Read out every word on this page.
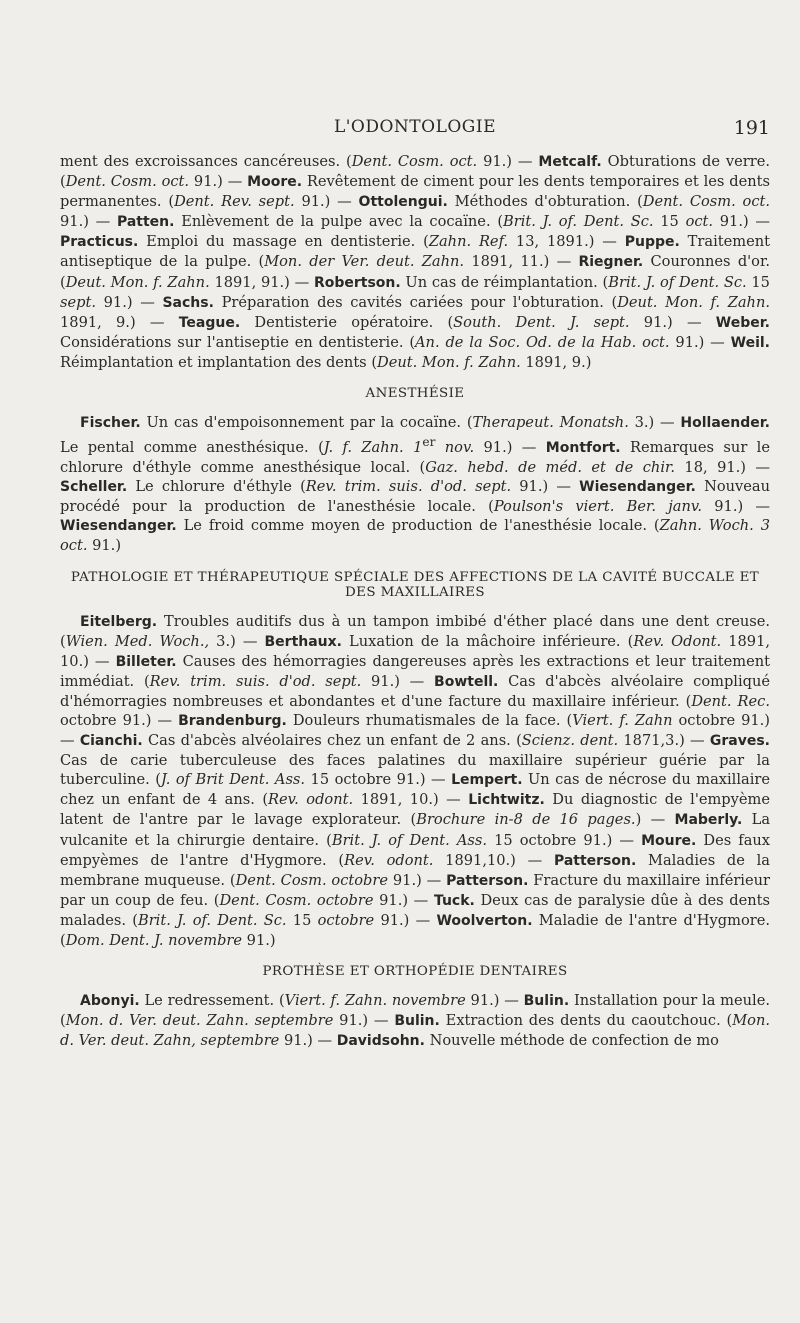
L'ODONTOLOGIE	191

ment des excroissances cancéreuses. (Dent. Cosm. oct. 91.) — Metcalf. Obturations de verre. (Dent. Cosm. oct. 91.) — Moore. Revêtement de ciment pour les dents temporaires et les dents permanentes. (Dent. Rev. sept. 91.) — Ottolengui. Méthodes d'obturation. (Dent. Cosm. oct. 91.) — Patten. Enlèvement de la pulpe avec la cocaïne. (Brit. J. of. Dent. Sc. 15 oct. 91.) — Practicus. Emploi du massage en dentisterie. (Zahn. Ref. 13, 1891.) — Puppe. Traitement antiseptique de la pulpe. (Mon. der Ver. deut. Zahn. 1891, 11.) — Riegner. Couronnes d'or. (Deut. Mon. f. Zahn. 1891, 91.) — Robertson. Un cas de réimplantation. (Brit. J. of Dent. Sc. 15 sept. 91.) — Sachs. Préparation des cavités cariées pour l'obturation. (Deut. Mon. f. Zahn. 1891, 9.) — Teague. Dentisterie opératoire. (South. Dent. J. sept. 91.) — Weber. Considérations sur l'antiseptie en dentisterie. (An. de la Soc. Od. de la Hab. oct. 91.) — Weil. Réimplantation et implantation des dents (Deut. Mon. f. Zahn. 1891, 9.)

ANESTHÉSIE

Fischer. Un cas d'empoisonnement par la cocaïne. (Therapeut. Monatsh. 3.) — Hollaender. Le pental comme anesthésique. (J. f. Zahn. 1er nov. 91.) — Montfort. Remarques sur le chlorure d'éthyle comme anesthésique local. (Gaz. hebd. de méd. et de chir. 18, 91.) — Scheller. Le chlorure d'éthyle (Rev. trim. suis. d'od. sept. 91.) — Wiesendanger. Nouveau procédé pour la production de l'anesthésie locale. (Poulson's viert. Ber. janv. 91.) — Wiesendanger. Le froid comme moyen de production de l'anesthésie locale. (Zahn. Woch. 3 oct. 91.)

PATHOLOGIE ET THÉRAPEUTIQUE SPÉCIALE DES AFFECTIONS DE LA CAVITÉ BUCCALE ET DES MAXILLAIRES

Eitelberg. Troubles auditifs dus à un tampon imbibé d'éther placé dans une dent creuse. (Wien. Med. Woch., 3.) — Berthaux. Luxation de la mâchoire inférieure. (Rev. Odont. 1891, 10.) — Billeter. Causes des hémorragies dangereuses après les extractions et leur traitement immédiat. (Rev. trim. suis. d'od. sept. 91.) — Bowtell. Cas d'abcès alvéolaire compliqué d'hémorragies nombreuses et abondantes et d'une facture du maxillaire inférieur. (Dent. Rec. octobre 91.) — Brandenburg. Douleurs rhumatismales de la face. (Viert. f. Zahn octobre 91.) — Cianchi. Cas d'abcès alvéolaires chez un enfant de 2 ans. (Scienz. dent. 1871,3.) — Graves. Cas de carie tuberculeuse des faces palatines du maxillaire supérieur guérie par la tuberculine. (J. of Brit Dent. Ass. 15 octobre 91.) — Lempert. Un cas de nécrose du maxillaire chez un enfant de 4 ans. (Rev. odont. 1891, 10.) — Lichtwitz. Du diagnostic de l'empyème latent de l'antre par le lavage explorateur. (Brochure in-8 de 16 pages.) — Maberly. La vulcanite et la chirurgie dentaire. (Brit. J. of Dent. Ass. 15 octobre 91.) — Moure. Des faux empyèmes de l'antre d'Hygmore. (Rev. odont. 1891,10.) — Patterson. Maladies de la membrane muqueuse. (Dent. Cosm. octobre 91.) — Patterson. Fracture du maxillaire inférieur par un coup de feu. (Dent. Cosm. octobre 91.) — Tuck. Deux cas de paralysie dûe à des dents malades. (Brit. J. of. Dent. Sc. 15 octobre 91.) — Woolverton. Maladie de l'antre d'Hygmore. (Dom. Dent. J. novembre 91.)

PROTHÈSE ET ORTHOPÉDIE DENTAIRES

Abonyi. Le redressement. (Viert. f. Zahn. novembre 91.) — Bulin. Installation pour la meule. (Mon. d. Ver. deut. Zahn. septembre 91.) — Bulin. Extraction des dents du caoutchouc. (Mon. d. Ver. deut. Zahn, septembre 91.) — Davidsohn. Nouvelle méthode de confection de mo
